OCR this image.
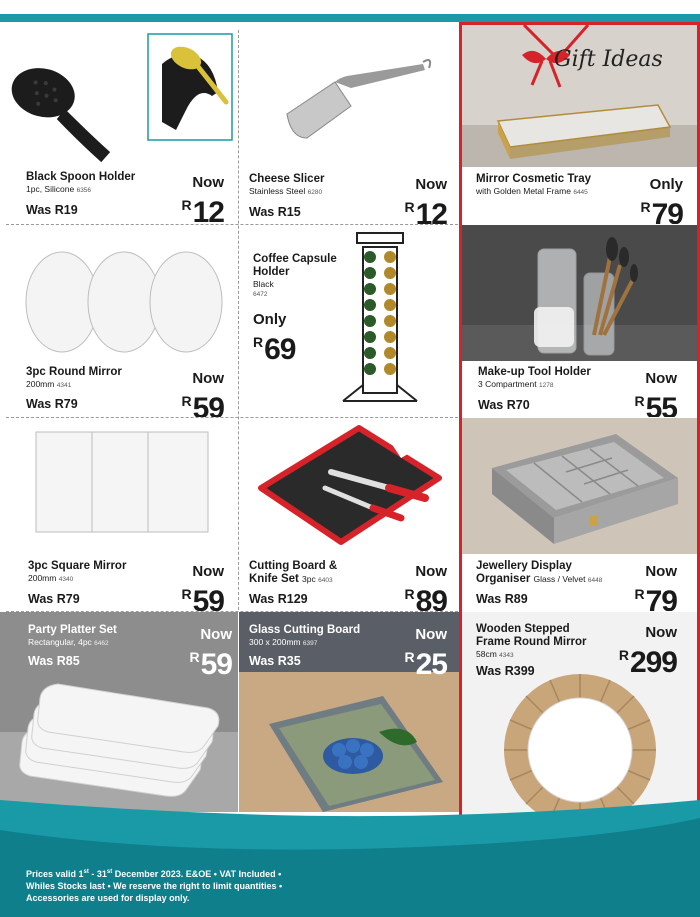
Black Spoon Holder
1pc, Silicone 6356
Was R19
Now
$^R$12
Cheese Slicer
Stainless Steel 6280
Was R15
Now
$^R$12
Gift Ideas
Mirror Cosmetic Tray
with Golden Metal Frame 6445	Only
$^R$79
3pc Round Mirror
200mm 4341
Was R79
Now
$^R$59
Coffee Capsule
Holder
Black
6472
Only
$^R$69
Make-up Tool Holder
3 Compartment 1278
Was R70
Now
$^R$55
3pc Square Mirror
200mm 4340
Was R79
Now
$^R$59
Cutting Board &
Knife Set 3pc 6403
Was R129
Now
$^R$89
Jewellery Display
Organiser Glass / Velvet 6448
Was R89
Now
$^R$79
Party Platter Set
Rectangular, 4pc 6462
Was R85
Now
$^R$59
Glass Cutting Board
300 x 200mm 6397
Was R35
Now
$^R$25
Wooden Stepped
Frame Round Mirror
58cm 4343
Was R399
Now
$^R$299
Prices valid 1st - 31st December 2023. E&OE • VAT Included •
Whiles Stocks last • We reserve the right to limit quantities •
Accessories are used for display only.
